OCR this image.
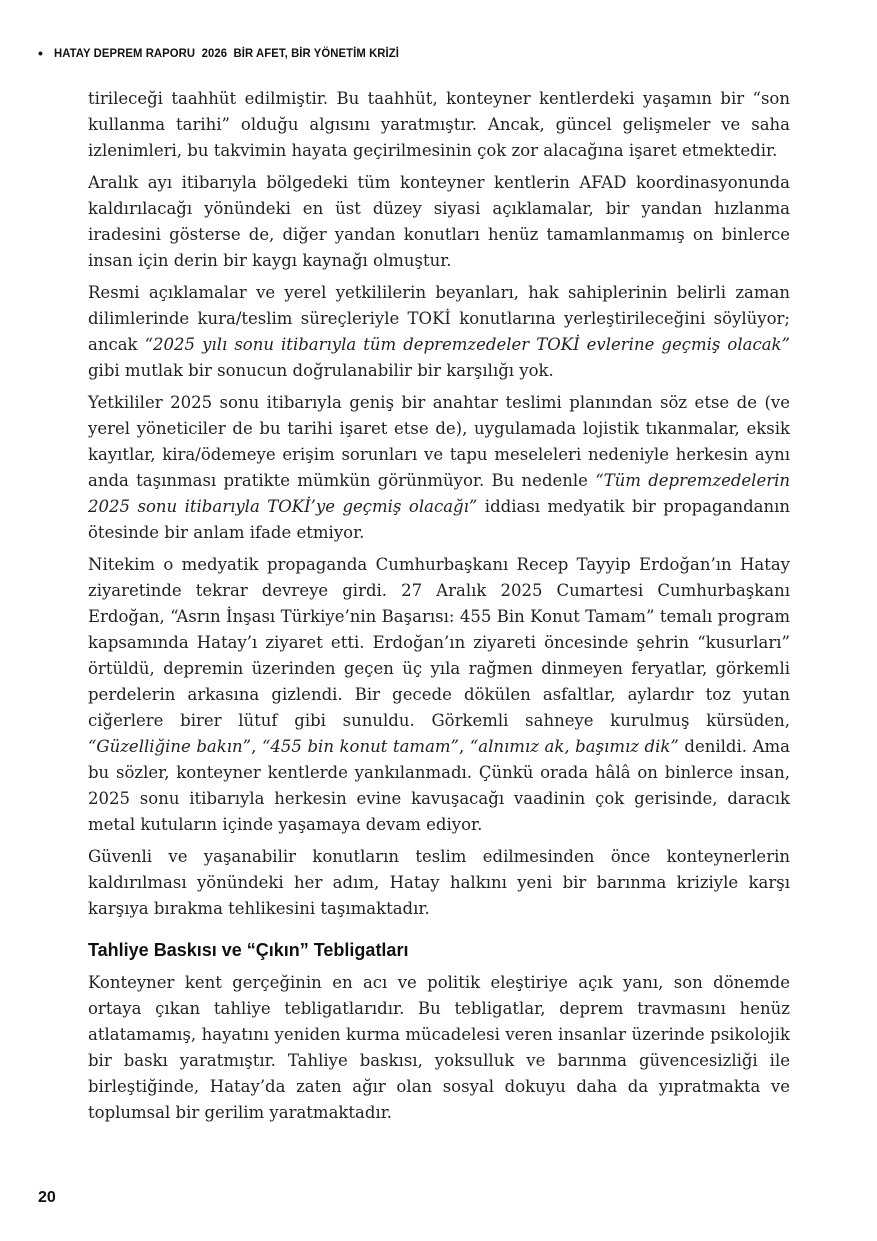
• HATAY DEPREM RAPORU  2026  BİR AFET, BİR YÖNETİM KRİZİ

tirileceği taahhüt edilmiştir. Bu taahhüt, konteyner kentlerdeki yaşamın bir “son kullanma tarihi” olduğu algısını yaratmıştır. Ancak, güncel gelişmeler ve saha izlenimleri, bu takvimin hayata geçirilmesinin çok zor alacağına işaret etmektedir.

Aralık ayı itibarıyla bölgedeki tüm konteyner kentlerin AFAD koordinasyonunda kaldırılacağı yönündeki en üst düzey siyasi açıklamalar, bir yandan hızlanma iradesini gösterse de, diğer yandan konutları henüz tamamlanmamış on binlerce insan için derin bir kaygı kaynağı olmuştur.

Resmi açıklamalar ve yerel yetkililerin beyanları, hak sahiplerinin belirli zaman dilimlerinde kura/teslim süreçleriyle TOKİ konutlarına yerleştirileceğini söylüyor; ancak “2025 yılı sonu itibarıyla tüm depremzedeler TOKİ evlerine geçmiş olacak” gibi mutlak bir sonucun doğrulanabilir bir karşılığı yok.

Yetkililer 2025 sonu itibarıyla geniş bir anahtar teslimi planından söz etse de (ve yerel yöneticiler de bu tarihi işaret etse de), uygulamada lojistik tıkanmalar, eksik kayıtlar, kira/ödemeye erişim sorunları ve tapu meseleleri nedeniyle herkesin aynı anda taşınması pratikte mümkün görünmüyor. Bu nedenle “Tüm depremzedelerin 2025 sonu itibarıyla TOKİ’ye geçmiş olacağı” iddiası medyatik bir propagandanın ötesinde bir anlam ifade etmiyor.

Nitekim o medyatik propaganda Cumhurbaşkanı Recep Tayyip Erdoğan’ın Hatay ziyaretinde tekrar devreye girdi. 27 Aralık 2025 Cumartesi Cumhurbaşkanı Erdoğan, “Asrın İnşası Türkiye’nin Başarısı: 455 Bin Konut Tamam” temalı program kapsamında Hatay’ı ziyaret etti. Erdoğan’ın ziyareti öncesinde şehrin “kusurları” örtüldü, depremin üzerinden geçen üç yıla rağmen dinmeyen feryatlar, görkemli perdelerin arkasına gizlendi. Bir gecede dökülen asfaltlar, aylardır toz yutan ciğerlere birer lütuf gibi sunuldu. Görkemli sahneye kurulmuş kürsüden, “Güzelliğine bakın”, “455 bin konut tamam”, “alnımız ak, başımız dik” denildi. Ama bu sözler, konteyner kentlerde yankılanmadı. Çünkü orada hâlâ on binlerce insan, 2025 sonu itibarıyla herkesin evine kavuşacağı vaadinin çok gerisinde, daracık metal kutuların içinde yaşamaya devam ediyor.

Güvenli ve yaşanabilir konutların teslim edilmesinden önce konteynerlerin kaldırılması yönündeki her adım, Hatay halkını yeni bir barınma kriziyle karşı karşıya bırakma tehlikesini taşımaktadır.

Tahliye Baskısı ve “Çıkın” Tebligatları

Konteyner kent gerçeğinin en acı ve politik eleştiriye açık yanı, son dönemde ortaya çıkan tahliye tebligatlarıdır. Bu tebligatlar, deprem travmasını henüz atlatamamış, hayatını yeniden kurma mücadelesi veren insanlar üzerinde psikolojik bir baskı yaratmıştır. Tahliye baskısı, yoksulluk ve barınma güvencesizliği ile birleştiğinde, Hatay’da zaten ağır olan sosyal dokuyu daha da yıpratmakta ve toplumsal bir gerilim yaratmaktadır.

20
